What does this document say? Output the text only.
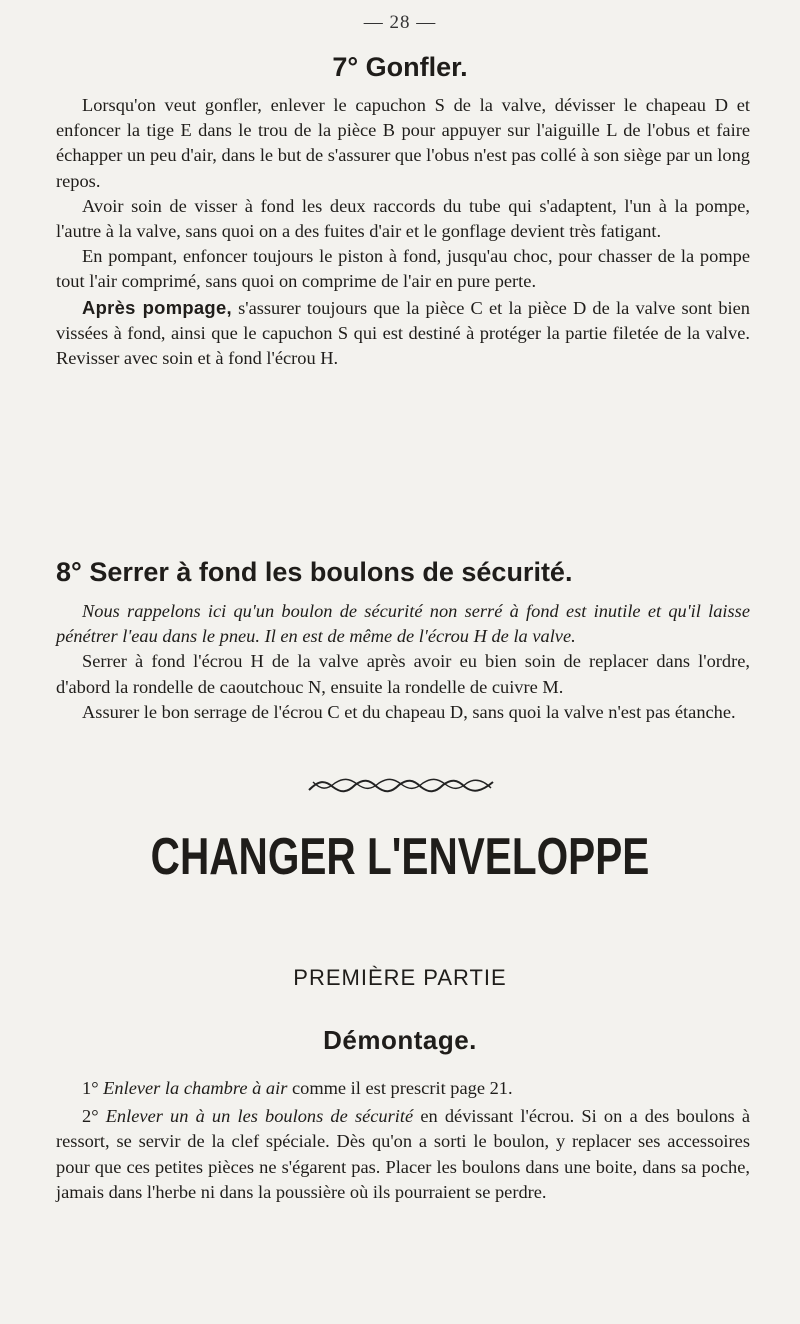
— 28 —
7° Gonfler.

Lorsqu'on veut gonfler, enlever le capuchon S de la valve, dévisser le chapeau D et enfoncer la tige E dans le trou de la pièce B pour appuyer sur l'aiguille L de l'obus et faire échapper un peu d'air, dans le but de s'assurer que l'obus n'est pas collé à son siège par un long repos.

Avoir soin de visser à fond les deux raccords du tube qui s'adaptent, l'un à la pompe, l'autre à la valve, sans quoi on a des fuites d'air et le gonflage devient très fatigant.

En pompant, enfoncer toujours le piston à fond, jusqu'au choc, pour chasser de la pompe tout l'air comprimé, sans quoi on comprime de l'air en pure perte.

Après pompage, s'assurer toujours que la pièce C et la pièce D de la valve sont bien vissées à fond, ainsi que le capuchon S qui est destiné à protéger la partie filetée de la valve. Revisser avec soin et à fond l'écrou H.

8° Serrer à fond les boulons de sécurité.

Nous rappelons ici qu'un boulon de sécurité non serré à fond est inutile et qu'il laisse pénétrer l'eau dans le pneu. Il en est de même de l'écrou H de la valve.

Serrer à fond l'écrou H de la valve après avoir eu bien soin de replacer dans l'ordre, d'abord la rondelle de caoutchouc N, ensuite la rondelle de cuivre M.

Assurer le bon serrage de l'écrou C et du chapeau D, sans quoi la valve n'est pas étanche.

CHANGER L'ENVELOPPE
PREMIÈRE PARTIE
Démontage.

1° Enlever la chambre à air comme il est prescrit page 21.

2° Enlever un à un les boulons de sécurité en dévissant l'écrou. Si on a des boulons à ressort, se servir de la clef spéciale. Dès qu'on a sorti le boulon, y replacer ses accessoires pour que ces petites pièces ne s'égarent pas. Placer les boulons dans une boite, dans sa poche, jamais dans l'herbe ni dans la poussière où ils pourraient se perdre.
